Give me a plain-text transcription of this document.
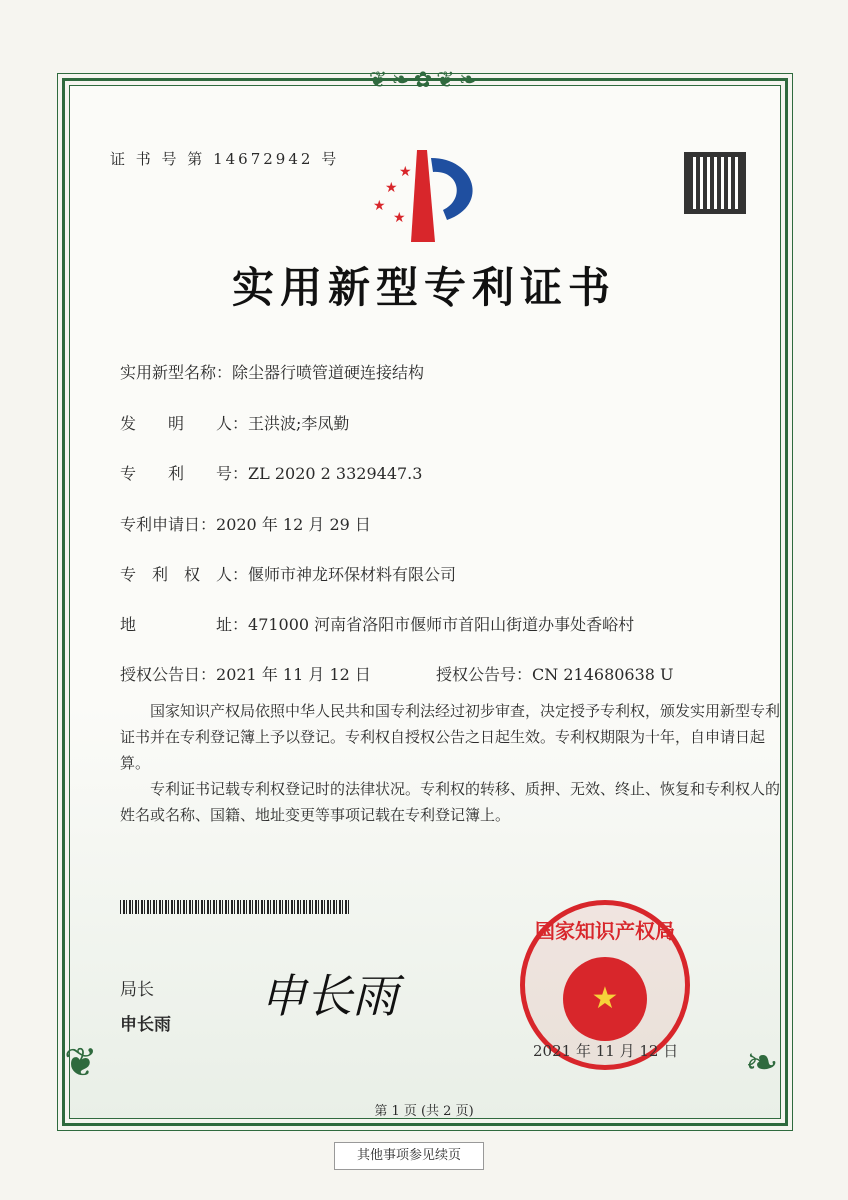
❦❧✿❦❧
❦	❧
证 书 号 第 14672942 号
★
★
★
★
实用新型专利证书
实用新型名称：除尘器行喷管道硬连接结构
发　　明　　人：王洪波;李凤勤
专　　利　　号：ZL 2020 2 3329447.3
专利申请日：2020 年 12 月 29 日
专　利　权　人：偃师市神龙环保材料有限公司
地　　　　　址：471000 河南省洛阳市偃师市首阳山街道办事处香峪村
授权公告日：2021 年 11 月 12 日	授权公告号：CN 214680638 U
国家知识产权局依照中华人民共和国专利法经过初步审查，决定授予专利权，颁发实用新型专利证书并在专利登记簿上予以登记。专利权自授权公告之日起生效。专利权期限为十年，自申请日起算。
专利证书记载专利权登记时的法律状况。专利权的转移、质押、无效、终止、恢复和专利权人的姓名或名称、国籍、地址变更等事项记载在专利登记簿上。
局长
申长雨
申长雨	★
国家知识产权局
2021 年 11 月 12 日
第 1 页 (共 2 页)
其他事项参见续页
